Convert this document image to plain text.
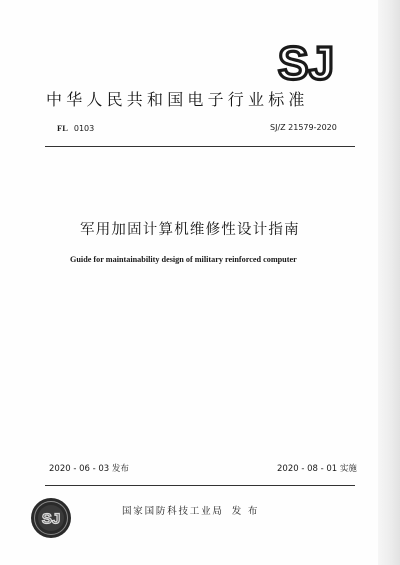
SJ
中华人民共和国电子行业标准
FL 0103	SJ/Z 21579-2020
军用加固计算机维修性设计指南
Guide for maintainability design of military reinforced computer
2020 - 06 - 03 发布	2020 - 08 - 01 实施
SJ	国家国防科技工业局 发 布
